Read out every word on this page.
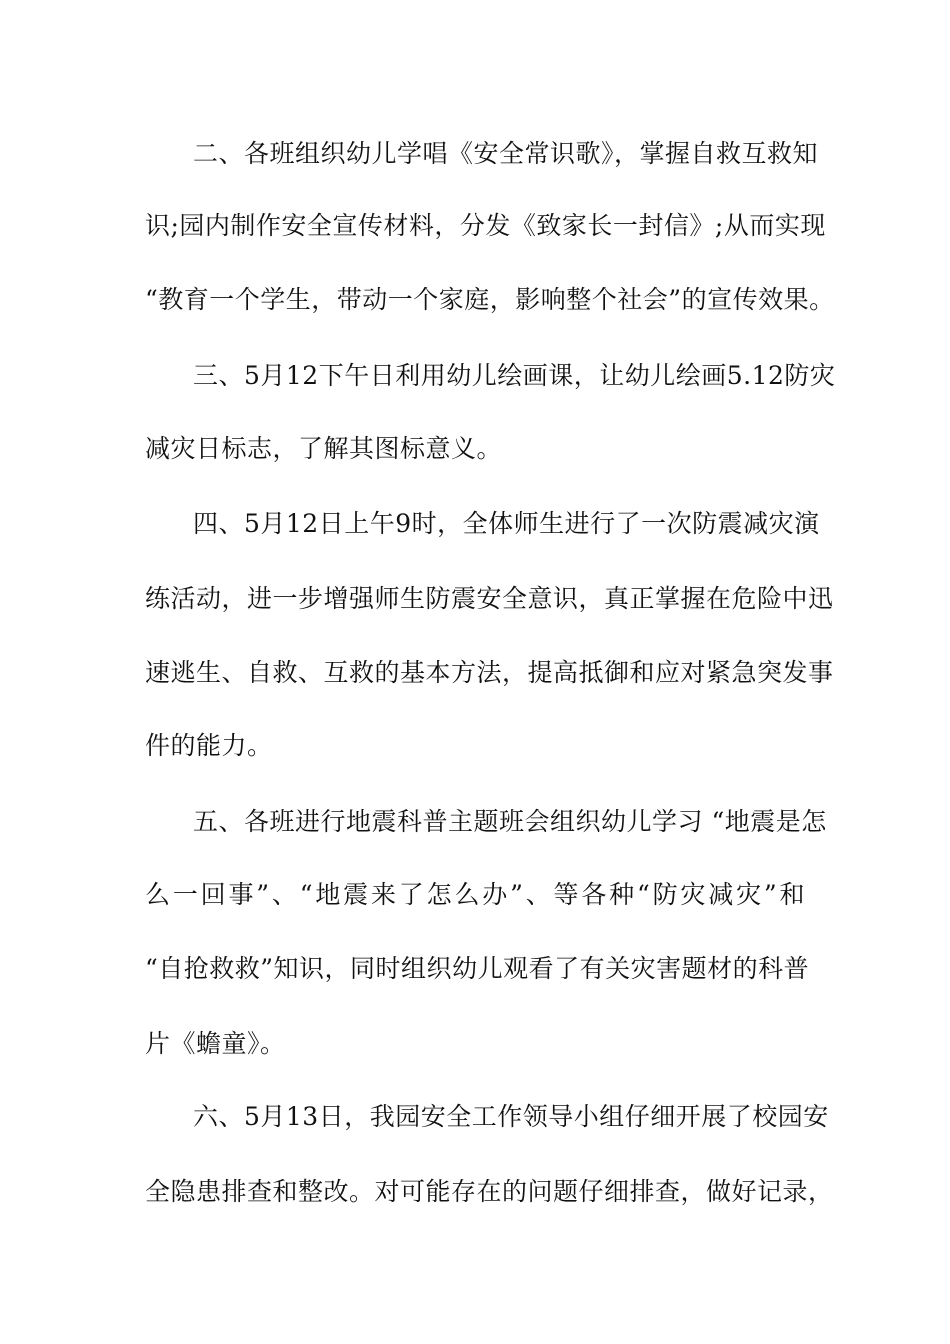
二、各班组织幼儿学唱《安全常识歌》，掌握自救互救知
识;园内制作安全宣传材料，分发《致家长一封信》;从而实现
“教育一个学生，带动一个家庭，影响整个社会”的宣传效果。
三、5月12下午日利用幼儿绘画课，让幼儿绘画5.12防灾
减灾日标志，了解其图标意义。
四、5月12日上午9时，全体师生进行了一次防震减灾演
练活动，进一步增强师生防震安全意识，真正掌握在危险中迅
速逃生、自救、互救的基本方法，提高抵御和应对紧急突发事
件的能力。
五、各班进行地震科普主题班会组织幼儿学习 “地震是怎
么一回事”、“地震来了怎么办”、等各种“防灾减灾”和
“自抢救救”知识，同时组织幼儿观看了有关灾害题材的科普
片《蟾童》。
六、5月13日，我园安全工作领导小组仔细开展了校园安
全隐患排查和整改。对可能存在的问题仔细排查，做好记录，
